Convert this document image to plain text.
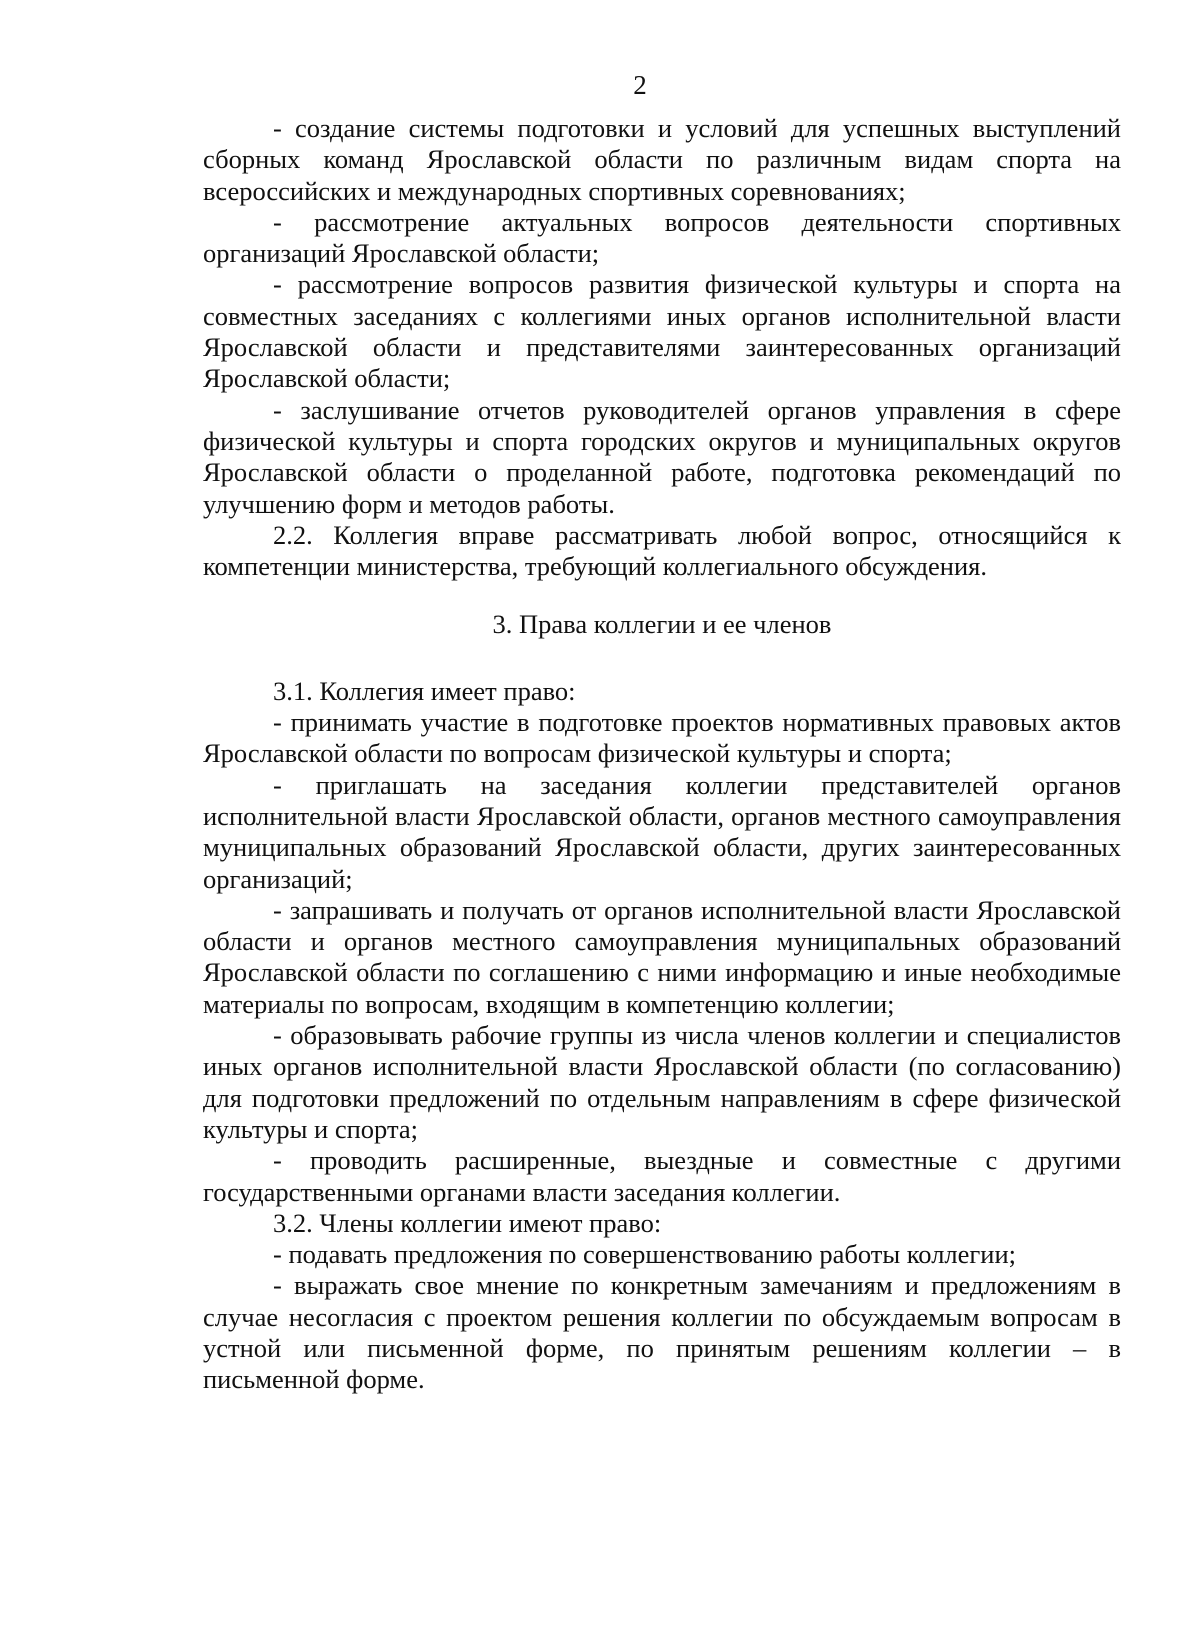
2

- создание системы подготовки и условий для успешных выступлений сборных команд Ярославской области по различным видам спорта на всероссийских и международных спортивных соревнованиях;

- рассмотрение актуальных вопросов деятельности спортивных организаций Ярославской области;

- рассмотрение вопросов развития физической культуры и спорта на совместных заседаниях с коллегиями иных органов исполнительной власти Ярославской области и представителями заинтересованных организаций Ярославской области;

- заслушивание отчетов руководителей органов управления в сфере физической культуры и спорта городских округов и муниципальных округов Ярославской области о проделанной работе, подготовка рекомендаций по улучшению форм и методов работы.

2.2. Коллегия вправе рассматривать любой вопрос, относящийся к компетенции министерства, требующий коллегиального обсуждения.

3. Права коллегии и ее членов

3.1. Коллегия имеет право:

- принимать участие в подготовке проектов нормативных правовых актов Ярославской области по вопросам физической культуры и спорта;

- приглашать на заседания коллегии представителей органов исполнительной власти Ярославской области, органов местного самоуправления муниципальных образований Ярославской области, других заинтересованных организаций;

- запрашивать и получать от органов исполнительной власти Ярославской области и органов местного самоуправления муниципальных образований Ярославской области по соглашению с ними информацию и иные необходимые материалы по вопросам, входящим в компетенцию коллегии;

- образовывать рабочие группы из числа членов коллегии и специалистов иных органов исполнительной власти Ярославской области (по согласованию) для подготовки предложений по отдельным направлениям в сфере физической культуры и спорта;

- проводить расширенные, выездные и совместные с другими государственными органами власти заседания коллегии.

3.2. Члены коллегии имеют право:

- подавать предложения по совершенствованию работы коллегии;

- выражать свое мнение по конкретным замечаниям и предложениям в случае несогласия с проектом решения коллегии по обсуждаемым вопросам в устной или письменной форме, по принятым решениям коллегии – в письменной форме.
